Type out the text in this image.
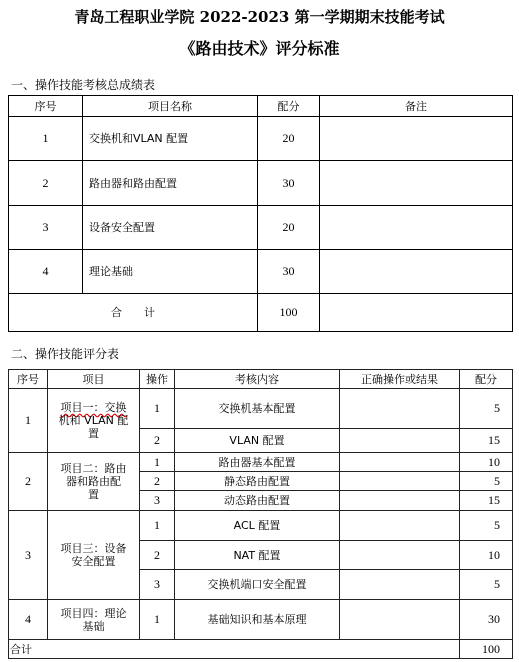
青岛工程职业学院 2022-2023 第一学期期末技能考试
《路由技术》评分标准
一、操作技能考核总成绩表
序号	项目名称	配分	备注
1	交换机和VLAN 配置	20	
2	路由器和路由配置	30	
3	设备安全配置	20	
4	理论基础	30	
合　　计		100	
二、操作技能评分表
序号	项目	操作	考核内容	正确操作或结果	配分
1	项目一：交换
机和 VLAN 配
置	1	交换机基本配置		5
		2	VLAN 配置		15
2	项目二：路由
器和路由配
置	1	路由器基本配置		10
		2	静态路由配置		5
		3	动态路由配置		15
3	项目三：设备
安全配置	1	ACL 配置		5
		2	NAT 配置		10
		3	交换机端口安全配置		5
4	项目四：理论
基础	1	基础知识和基本原理		30
合计					100
